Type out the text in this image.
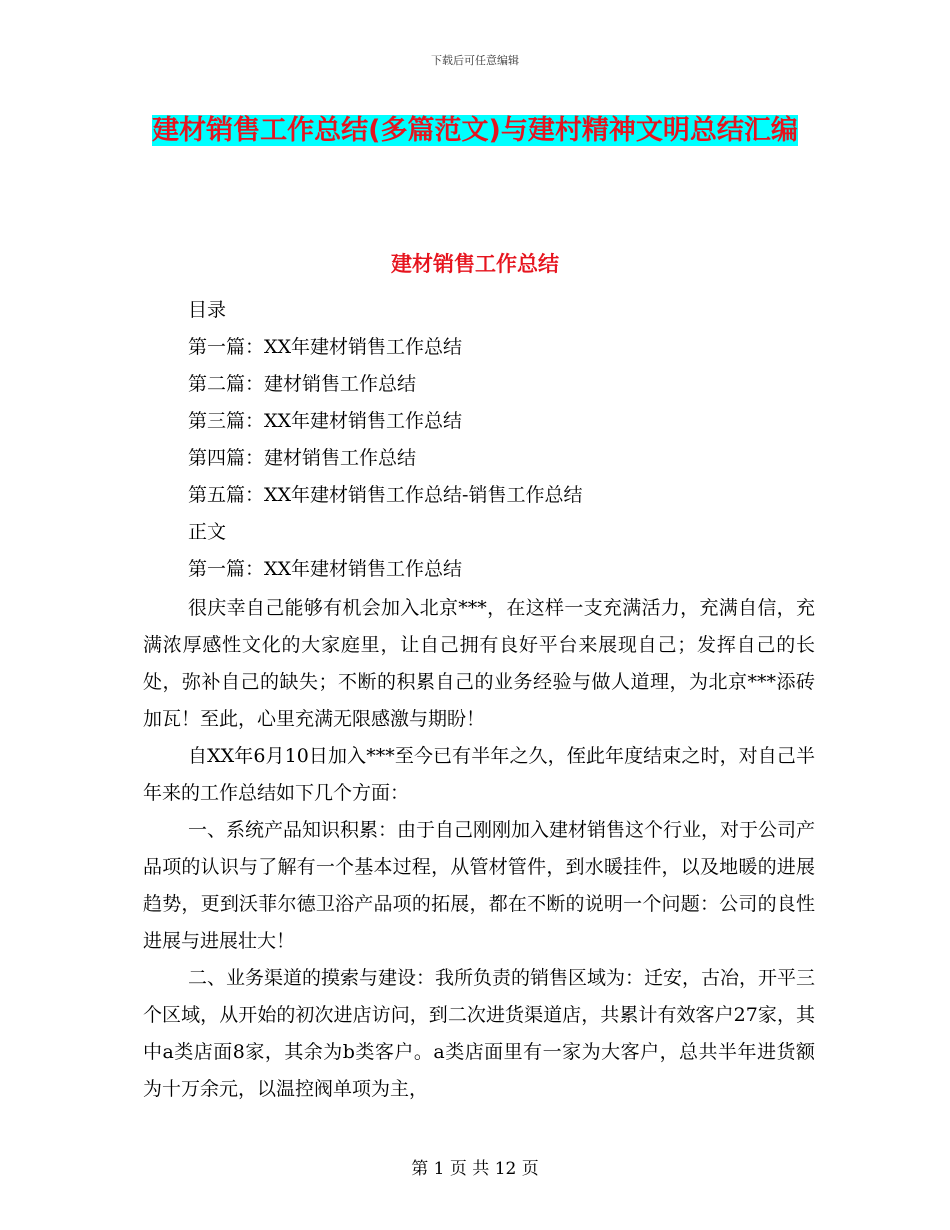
下载后可任意编辑
建材销售工作总结(多篇范文)与建村精神文明总结汇编
建材销售工作总结
目录
第一篇：XX年建材销售工作总结
第二篇：建材销售工作总结
第三篇：XX年建材销售工作总结
第四篇：建材销售工作总结
第五篇：XX年建材销售工作总结-销售工作总结
正文
第一篇：XX年建材销售工作总结

很庆幸自己能够有机会加入北京***，在这样一支充满活力，充满自信，充满浓厚感性文化的大家庭里，让自己拥有良好平台来展现自己；发挥自己的长处，弥补自己的缺失；不断的积累自己的业务经验与做人道理，为北京***添砖加瓦！至此，心里充满无限感激与期盼！

自XX年6月10日加入***至今已有半年之久，侄此年度结束之时，对自己半年来的工作总结如下几个方面：

一、系统产品知识积累：由于自己刚刚加入建材销售这个行业，对于公司产品项的认识与了解有一个基本过程，从管材管件，到水暖挂件，以及地暖的进展趋势，更到沃菲尔德卫浴产品项的拓展，都在不断的说明一个问题：公司的良性进展与进展壮大！

二、业务渠道的摸索与建设：我所负责的销售区域为：迁安，古冶，开平三个区域，从开始的初次进店访问，到二次进货渠道店，共累计有效客户27家，其中a类店面8家，其余为b类客户。a类店面里有一家为大客户，总共半年进货额为十万余元，以温控阀单项为主，

第 1 页 共 12 页
